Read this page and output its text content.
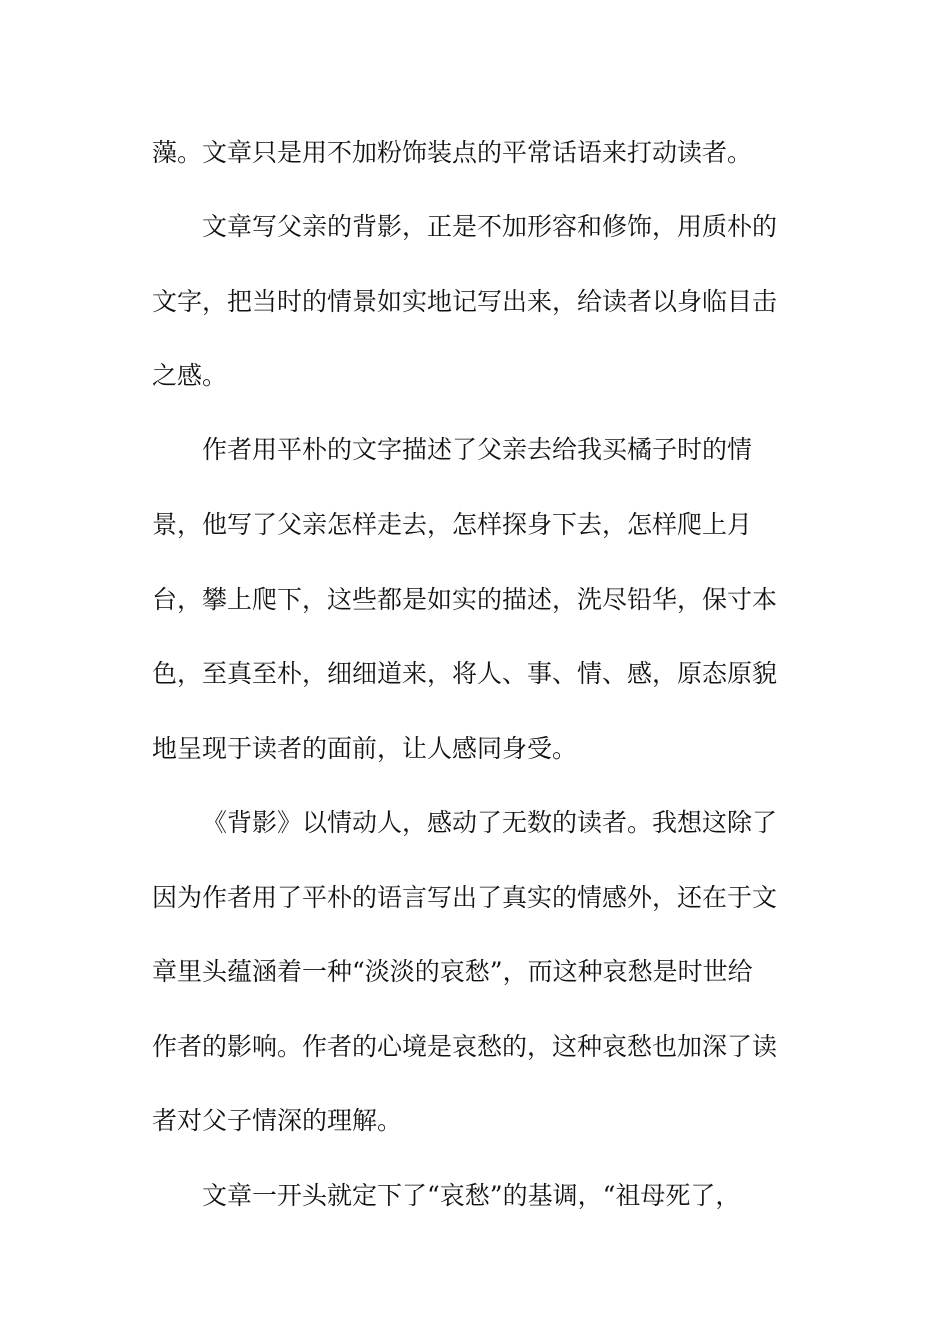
藻。文章只是用不加粉饰装点的平常话语来打动读者。
文章写父亲的背影，正是不加形容和修饰，用质朴的
文字，把当时的情景如实地记写出来，给读者以身临目击
之感。
作者用平朴的文字描述了父亲去给我买橘子时的情
景，他写了父亲怎样走去，怎样探身下去，怎样爬上月
台，攀上爬下，这些都是如实的描述，洗尽铅华，保寸本
色，至真至朴，细细道来，将人、事、情、感，原态原貌
地呈现于读者的面前，让人感同身受。
《背影》以情动人，感动了无数的读者。我想这除了
因为作者用了平朴的语言写出了真实的情感外，还在于文
章里头蕴涵着一种“淡淡的哀愁”，而这种哀愁是时世给
作者的影响。作者的心境是哀愁的，这种哀愁也加深了读
者对父子情深的理解。
文章一开头就定下了“哀愁”的基调，“祖母死了，
